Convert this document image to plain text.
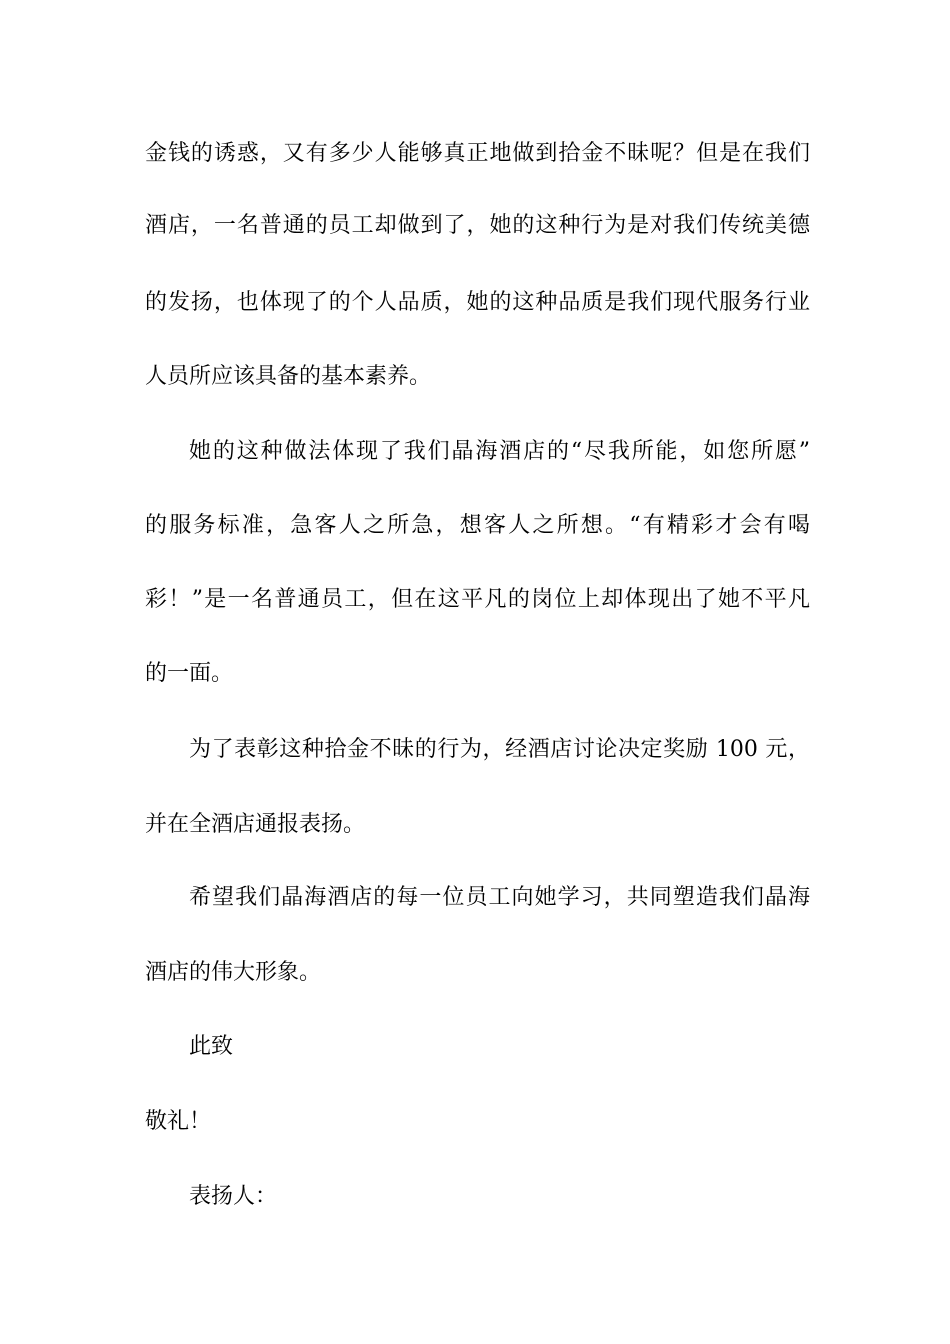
金钱的诱惑，又有多少人能够真正地做到拾金不昧呢？但是在我们
酒店，一名普通的员工却做到了，她的这种行为是对我们传统美德
的发扬，也体现了的个人品质，她的这种品质是我们现代服务行业
人员所应该具备的基本素养。
她的这种做法体现了我们晶海酒店的“尽我所能，如您所愿”
的服务标准，急客人之所急，想客人之所想。“有精彩才会有喝
彩！”是一名普通员工，但在这平凡的岗位上却体现出了她不平凡
的一面。
为了表彰这种拾金不昧的行为，经酒店讨论决定奖励 100 元，
并在全酒店通报表扬。
希望我们晶海酒店的每一位员工向她学习，共同塑造我们晶海
酒店的伟大形象。
此致
敬礼！
表扬人：
